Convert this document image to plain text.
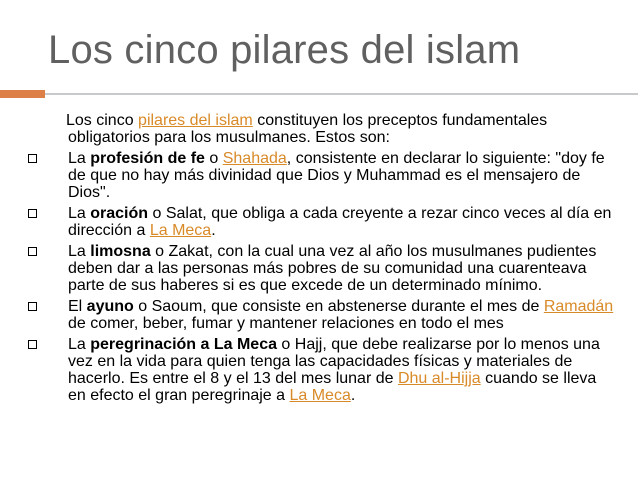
Los cinco pilares del islam

Los cinco pilares del islam constituyen los preceptos fundamentales obligatorios para los musulmanes. Estos son:

La profesión de fe o Shahada, consistente en declarar lo siguiente: "doy fe de que no hay más divinidad que Dios y Muhammad es el mensajero de Dios".
La oración o Salat, que obliga a cada creyente a rezar cinco veces al día en dirección a La Meca.
La limosna o Zakat, con la cual una vez al año los musulmanes pudientes deben dar a las personas más pobres de su comunidad una cuarenteava parte de sus haberes si es que excede de un determinado mínimo.
El ayuno o Saoum, que consiste en abstenerse durante el mes de Ramadán de comer, beber, fumar y mantener relaciones en todo el mes
La peregrinación a La Meca o Hajj, que debe realizarse por lo menos una vez en la vida para quien tenga las capacidades físicas y materiales de hacerlo. Es entre el 8 y el 13 del mes lunar de Dhu al-Hijja cuando se lleva en efecto el gran peregrinaje a La Meca.
